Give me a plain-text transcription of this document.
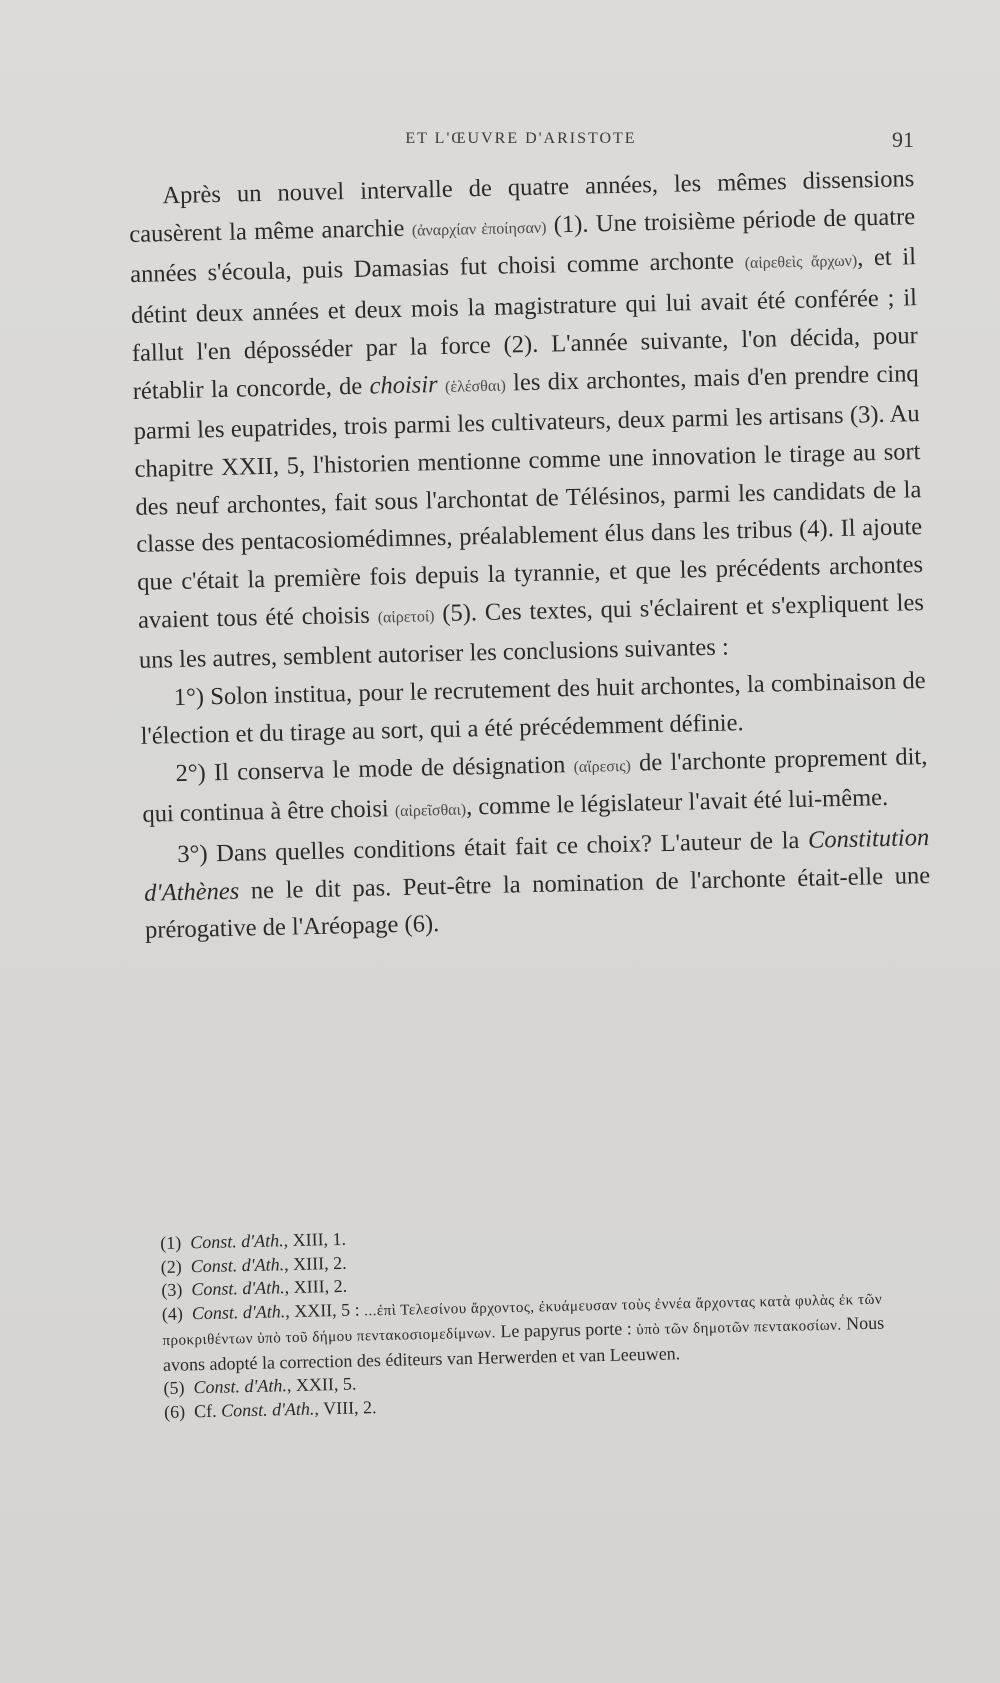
ET L'ŒUVRE D'ARISTOTE	91

Après un nouvel intervalle de quatre années, les mêmes dissensions causèrent la même anarchie (ἀναρχίαν ἐποίησαν) (1). Une troisième période de quatre années s'écoula, puis Damasias fut choisi comme archonte (αἱρεθεὶς ἄρχων), et il détint deux années et deux mois la magistrature qui lui avait été conférée ; il fallut l'en déposséder par la force (2). L'année suivante, l'on décida, pour rétablir la concorde, de choisir (ἑλέσθαι) les dix archontes, mais d'en prendre cinq parmi les eupatrides, trois parmi les cultivateurs, deux parmi les artisans (3). Au chapitre XXII, 5, l'historien mentionne comme une innovation le tirage au sort des neuf archontes, fait sous l'archontat de Télésinos, parmi les candidats de la classe des pentacosiomédimnes, préalablement élus dans les tribus (4). Il ajoute que c'était la première fois depuis la tyrannie, et que les précédents archontes avaient tous été choisis (αἱρετοί) (5). Ces textes, qui s'éclairent et s'expliquent les uns les autres, semblent autoriser les conclusions suivantes :

1°) Solon institua, pour le recrutement des huit archontes, la combinaison de l'élection et du tirage au sort, qui a été précédemment définie.

2°) Il conserva le mode de désignation (αἵρεσις) de l'archonte proprement dit, qui continua à être choisi (αἱρεῖσθαι), comme le législateur l'avait été lui-même.

3°) Dans quelles conditions était fait ce choix? L'auteur de la Constitution d'Athènes ne le dit pas. Peut-être la nomination de l'archonte était-elle une prérogative de l'Aréopage (6).

(1) Const. d'Ath., XIII, 1.

(2) Const. d'Ath., XIII, 2.

(3) Const. d'Ath., XIII, 2.

(4) Const. d'Ath., XXII, 5 : ...ἐπὶ Τελεσίνου ἄρχοντος, ἐκυάμευσαν τοὺς ἐννέα ἄρχοντας κατὰ φυλὰς ἐκ τῶν προκριθέντων ὑπὸ τοῦ δήμου πεντακοσιομεδίμνων. Le papyrus porte : ὑπὸ τῶν δημοτῶν πεντακοσίων. Nous avons adopté la correction des éditeurs van Herwerden et van Leeuwen.

(5) Const. d'Ath., XXII, 5.

(6) Cf. Const. d'Ath., VIII, 2.
